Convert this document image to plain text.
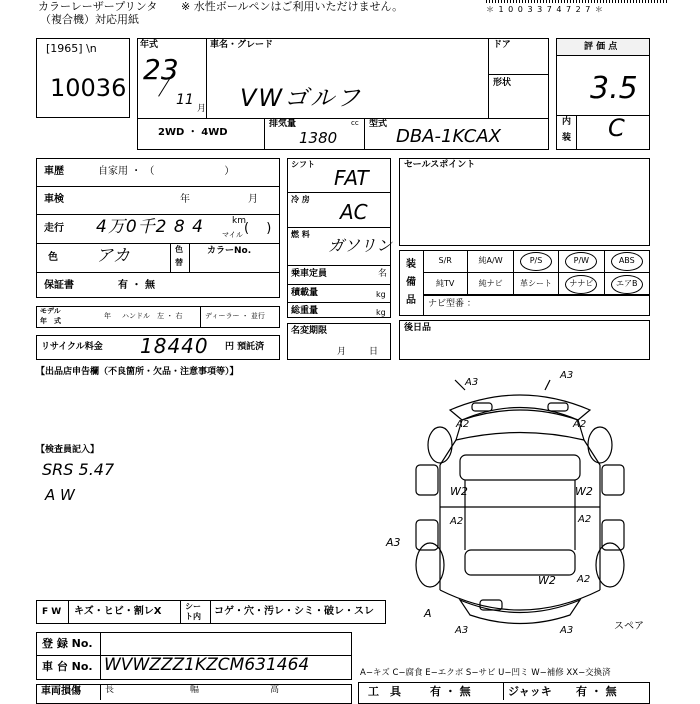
カラーレーザープリンタ
（複合機）対応用紙
※ 水性ボールペンはご利用いただけません。	＊ 1 0 0 3 3 7 4 7 2 7 ＊
[1965] \n
10036
年式
23
11
月
車名・グレード
VWゴルフ
ドア
形状
2WD ・ 4WD
排気量	cc
1380
型式
DBA-1KCAX
評 価 点
3.5
内
装 C
車歴	自家用 ・ （　　　　　　　）
車検	年	月
走行 4万0千2 8 4	km
マイル (　 )
色 アカ	色
替
カラーNo.
保証書	有 ・ 無
モデル
年　式
年 ハンドル　左 ・ 右	ディーラー ・ 並行
リサイクル料金 18440 円 預託済
シフト
FAT
冷 房
AC
燃 料
ガソリン
乗車定員	名
積載量	kg
総重量	kg
名変期限
月	日
セールスポイント
装
備
品
S/R	純A/W	P/S	P/W	ABS
純TV	純ナビ	革シート	ナナビ	エアB
ナビ型番 ：
後日品
【出品店申告欄（不良箇所・欠品・注意事項等）】
【検査員記入】
SRS 5.47
A W
A3
A3
A2	A2
W2	W2
A2	A2
A3
W2 A2
A
A3	A3	スペア
F W キズ・ヒビ・割レX	シー
ト内 コゲ・穴・汚レ・シミ・破レ・スレ
登 録 No.
車 台 No. WVWZZZ1KZCM631464	A−キズ C−腐食 E−エクボ S−サビ U−凹ミ W−補修 XX−交換済
車両損傷	長	幅	高	工　具	有 ・ 無	ジャッキ 有 ・ 無
